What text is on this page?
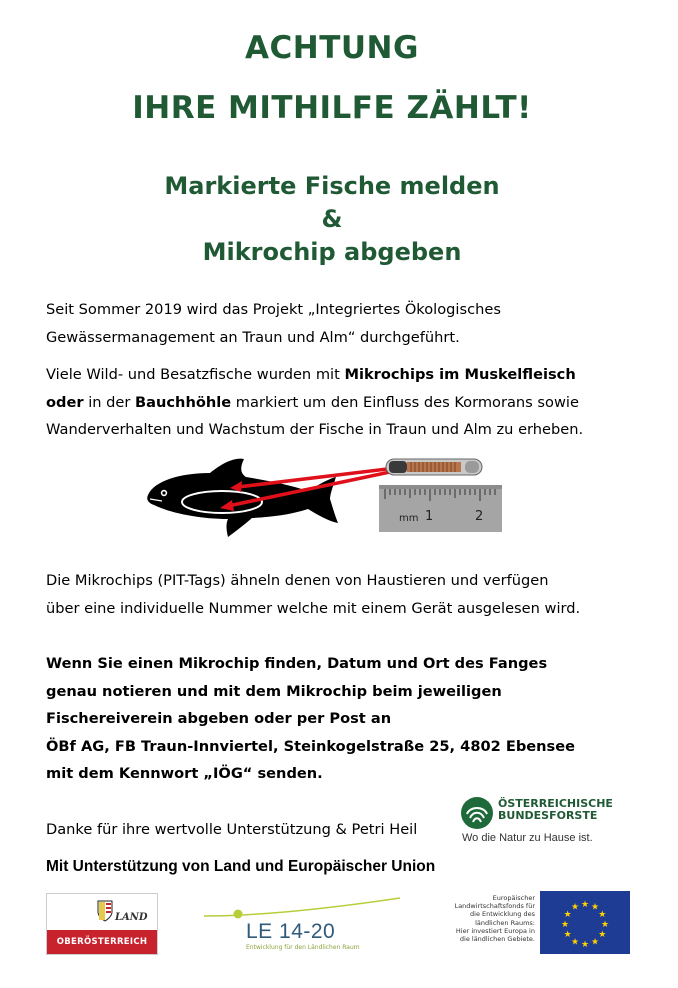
ACHTUNG
IHRE MITHILFE ZÄHLT!
Markierte Fische melden
&
Mikrochip abgeben
Seit Sommer 2019 wird das Projekt „Integriertes Ökologisches
Gewässermanagement an Traun und Alm“ durchgeführt.
Viele Wild- und Besatzfische wurden mit Mikrochips im Muskelfleisch
oder in der Bauchhöhle markiert um den Einfluss des Kormorans sowie
Wanderverhalten und Wachstum der Fische in Traun und Alm zu erheben.
mm 1	2
Die Mikrochips (PIT-Tags) ähneln denen von Haustieren und verfügen
über eine individuelle Nummer welche mit einem Gerät ausgelesen wird.
Wenn Sie einen Mikrochip finden, Datum und Ort des Fanges
genau notieren und mit dem Mikrochip beim jeweiligen
Fischereiverein abgeben oder per Post an
ÖBf AG, FB Traun-Innviertel, Steinkogelstraße 25, 4802 Ebensee
mit dem Kennwort „IÖG“ senden.
Danke für ihre wertvolle Unterstützung & Petri Heil
ÖSTERREICHISCHE
BUNDESFORSTE
Wo die Natur zu Hause ist.
Mit Unterstützung von Land und Europäischer Union
LAND
OBERÖSTERREICH	LE 14-20
Entwicklung für den Ländlichen Raum
Europäischer
Landwirtschaftsfonds für
die Entwicklung des
ländlichen Raums:
Hier investiert Europa in
die ländlichen Gebiete.
★ ★
★
★
★
★
★
★
★
★
★
★
